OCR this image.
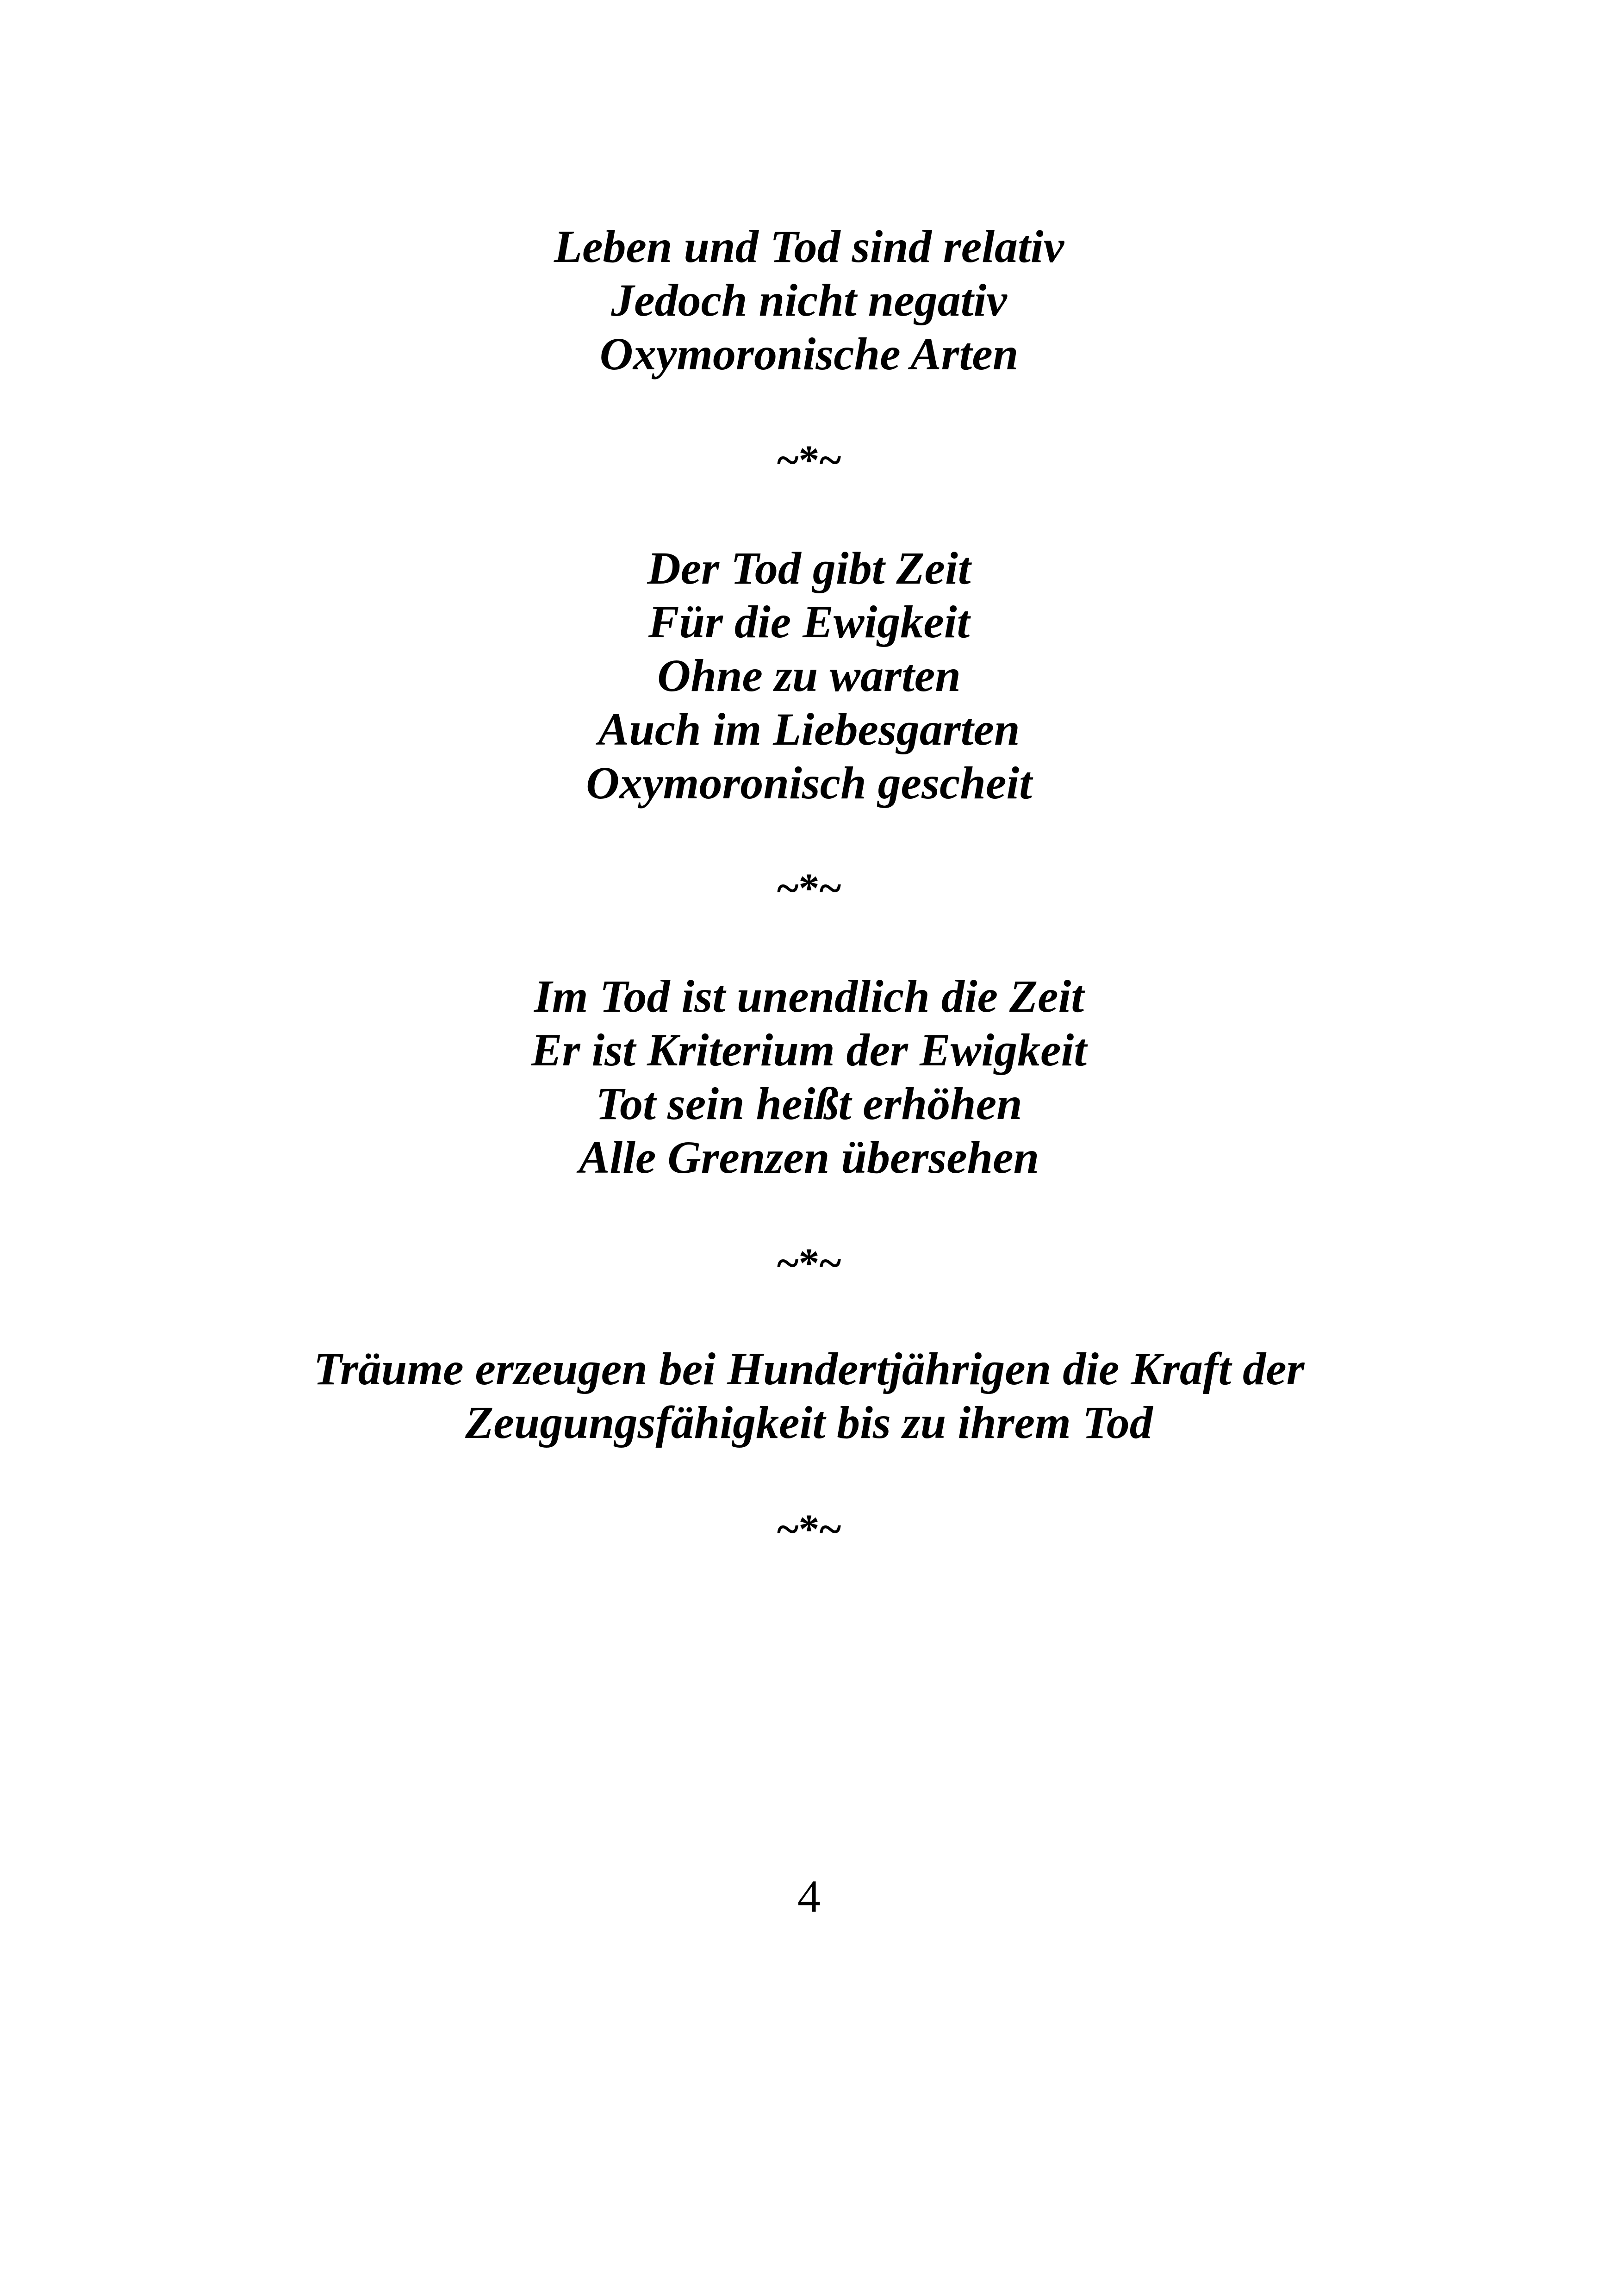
Leben und Tod sind relativ
Jedoch nicht negativ
Oxymoronische Arten
~*~
Der Tod gibt Zeit
Für die Ewigkeit
Ohne zu warten
Auch im Liebesgarten
Oxymoronisch gescheit
~*~
Im Tod ist unendlich die Zeit
Er ist Kriterium der Ewigkeit
Tot sein heißt erhöhen
Alle Grenzen übersehen
~*~
Träume erzeugen bei Hundertjährigen die Kraft der
Zeugungsfähigkeit bis zu ihrem Tod
~*~
4
